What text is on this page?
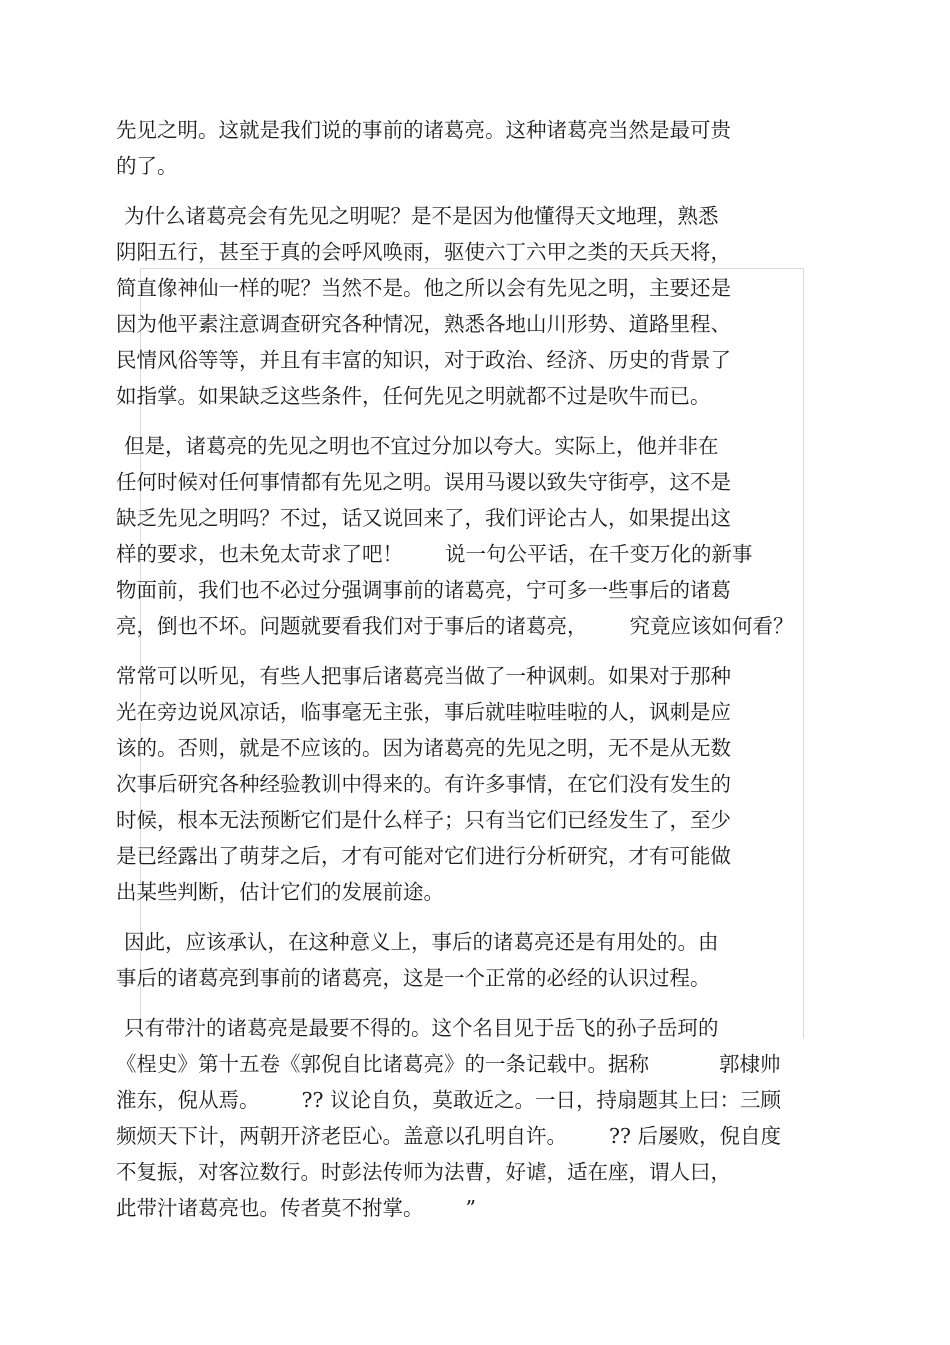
先见之明。这就是我们说的事前的诸葛亮。这种诸葛亮当然是最可贵
的了。
为什么诸葛亮会有先见之明呢？是不是因为他懂得天文地理，熟悉
阴阳五行，甚至于真的会呼风唤雨，驱使六丁六甲之类的天兵天将，
简直像神仙一样的呢？当然不是。他之所以会有先见之明，主要还是
因为他平素注意调查研究各种情况，熟悉各地山川形势、道路里程、
民情风俗等等，并且有丰富的知识，对于政治、经济、历史的背景了
如指掌。如果缺乏这些条件，任何先见之明就都不过是吹牛而已。
但是，诸葛亮的先见之明也不宜过分加以夸大。实际上，他并非在
任何时候对任何事情都有先见之明。误用马谡以致失守街亭，这不是
缺乏先见之明吗？不过，话又说回来了，我们评论古人，如果提出这
样的要求，也未免太苛求了吧！ 说一句公平话，在千变万化的新事
物面前，我们也不必过分强调事前的诸葛亮，宁可多一些事后的诸葛
亮，倒也不坏。问题就要看我们对于事后的诸葛亮， 究竟应该如何看？
常常可以听见，有些人把事后诸葛亮当做了一种讽刺。如果对于那种
光在旁边说风凉话，临事毫无主张，事后就哇啦哇啦的人，讽刺是应
该的。否则，就是不应该的。因为诸葛亮的先见之明，无不是从无数
次事后研究各种经验教训中得来的。有许多事情，在它们没有发生的
时候，根本无法预断它们是什么样子；只有当它们已经发生了，至少
是已经露出了萌芽之后，才有可能对它们进行分析研究，才有可能做
出某些判断，估计它们的发展前途。
因此，应该承认，在这种意义上，事后的诸葛亮还是有用处的。由
事后的诸葛亮到事前的诸葛亮，这是一个正常的必经的认识过程。
只有带汁的诸葛亮是最要不得的。这个名目见于岳飞的孙子岳珂的
《桯史》第十五卷《郭倪自比诸葛亮》的一条记载中。据称	郭棣帅
淮东，倪从焉。 ?? 议论自负，莫敢近之。一日，持扇题其上曰：三顾
频烦天下计，两朝开济老臣心。盖意以孔明自许。 ?? 后屡败，倪自度
不复振，对客泣数行。时彭法传师为法曹，好谑，适在座，谓人曰，
此带汁诸葛亮也。传者莫不拊掌。 ”
